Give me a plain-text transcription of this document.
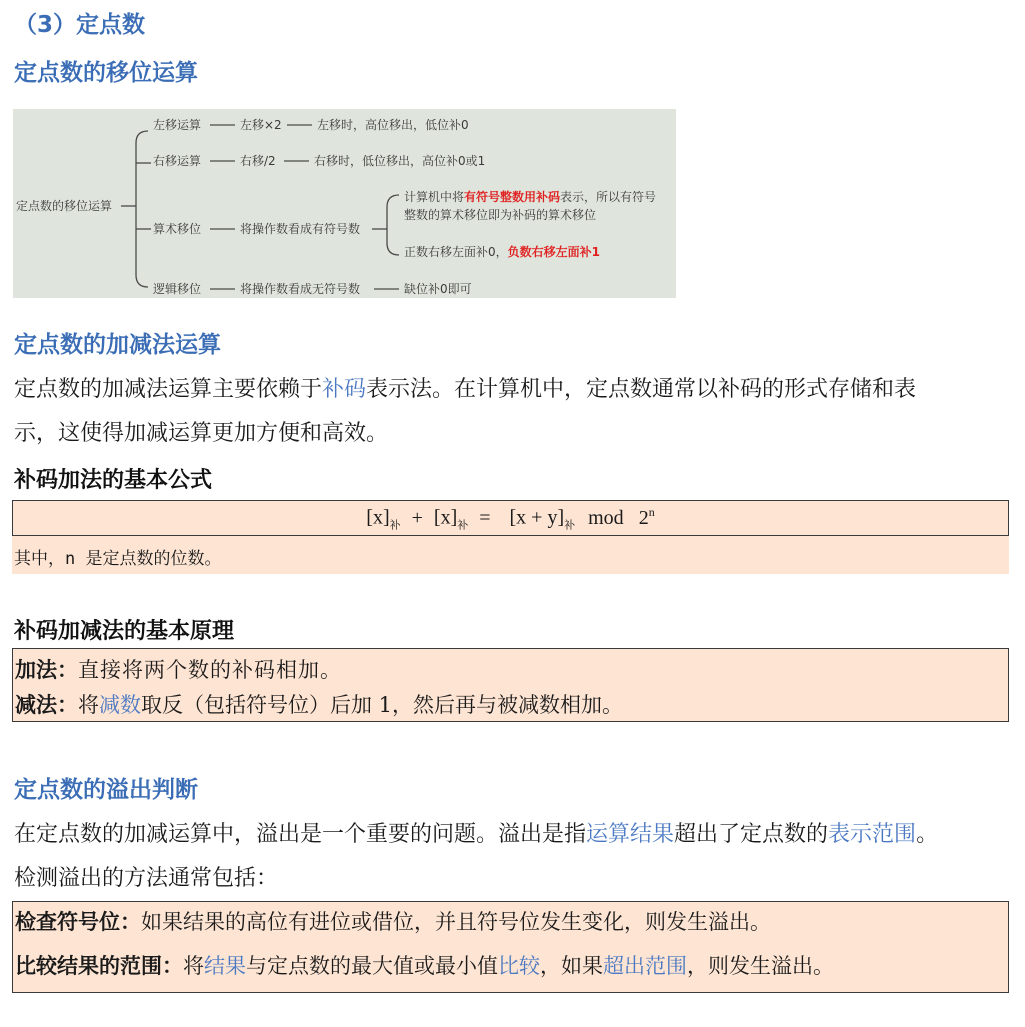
（3）定点数
定点数的移位运算
定点数的移位运算
左移运算	左移×2	左移时，高位移出，低位补0
右移运算	右移/2	右移时，低位移出，高位补0或1
算术移位	将操作数看成有符号数
计算机中将有符号整数用补码表示，所以有符号
整数的算术移位即为补码的算术移位
正数右移左面补0，负数右移左面补1
逻辑移位	将操作数看成无符号数	缺位补0即可
定点数的加减法运算
定点数的加减法运算主要依赖于补码表示法。在计算机中，定点数通常以补码的形式存储和表
示，这使得加减运算更加方便和高效。
补码加法的基本公式
$[x]_补 + [x]_补 = [x + y]_补$ mod 2$^n$
其中，n 是定点数的位数。
补码加减法的基本原理
加法：直接将两个数的补码相加。
减法：将减数取反（包括符号位）后加 1，然后再与被减数相加。
定点数的溢出判断
在定点数的加减运算中，溢出是一个重要的问题。溢出是指运算结果超出了定点数的表示范围。
检测溢出的方法通常包括：
检查符号位：如果结果的高位有进位或借位，并且符号位发生变化，则发生溢出。
比较结果的范围：将结果与定点数的最大值或最小值比较，如果超出范围，则发生溢出。
